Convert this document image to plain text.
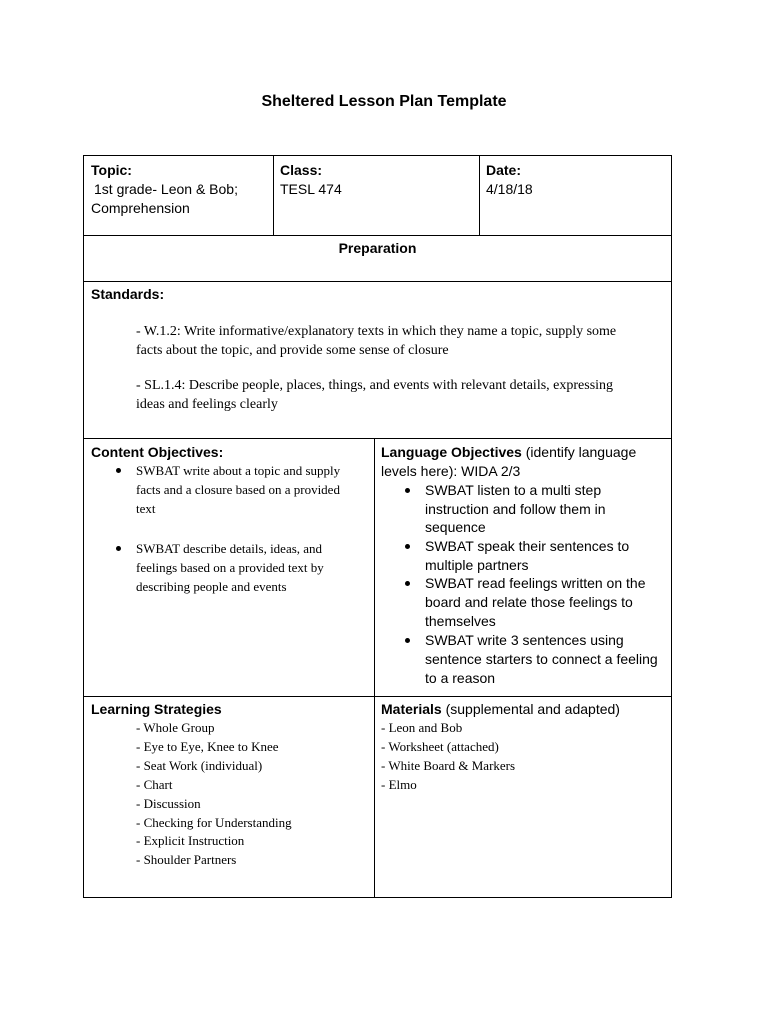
Sheltered Lesson Plan Template
Topic:
1st grade- Leon & Bob;
Comprehension
Class:
TESL 474
Date:
4/18/18
Preparation
Standards:
- W.1.2: Write informative/explanatory texts in which they name a topic, supply some
facts about the topic, and provide some sense of closure
- SL.1.4: Describe people, places, things, and events with relevant details, expressing
ideas and feelings clearly
Content Objectives:
SWBAT write about a topic and supply
facts and a closure based on a provided
text
SWBAT describe details, ideas, and
feelings based on a provided text by
describing people and events
Language Objectives (identify language
levels here): WIDA 2/3
SWBAT listen to a multi step
instruction and follow them in
sequence
SWBAT speak their sentences to
multiple partners
SWBAT read feelings written on the
board and relate those feelings to
themselves
SWBAT write 3 sentences using
sentence starters to connect a feeling
to a reason
Learning Strategies
- Whole Group
- Eye to Eye, Knee to Knee
- Seat Work (individual)
- Chart
- Discussion
- Checking for Understanding
- Explicit Instruction
- Shoulder Partners
Materials (supplemental and adapted)
- Leon and Bob
- Worksheet (attached)
- White Board & Markers
- Elmo
